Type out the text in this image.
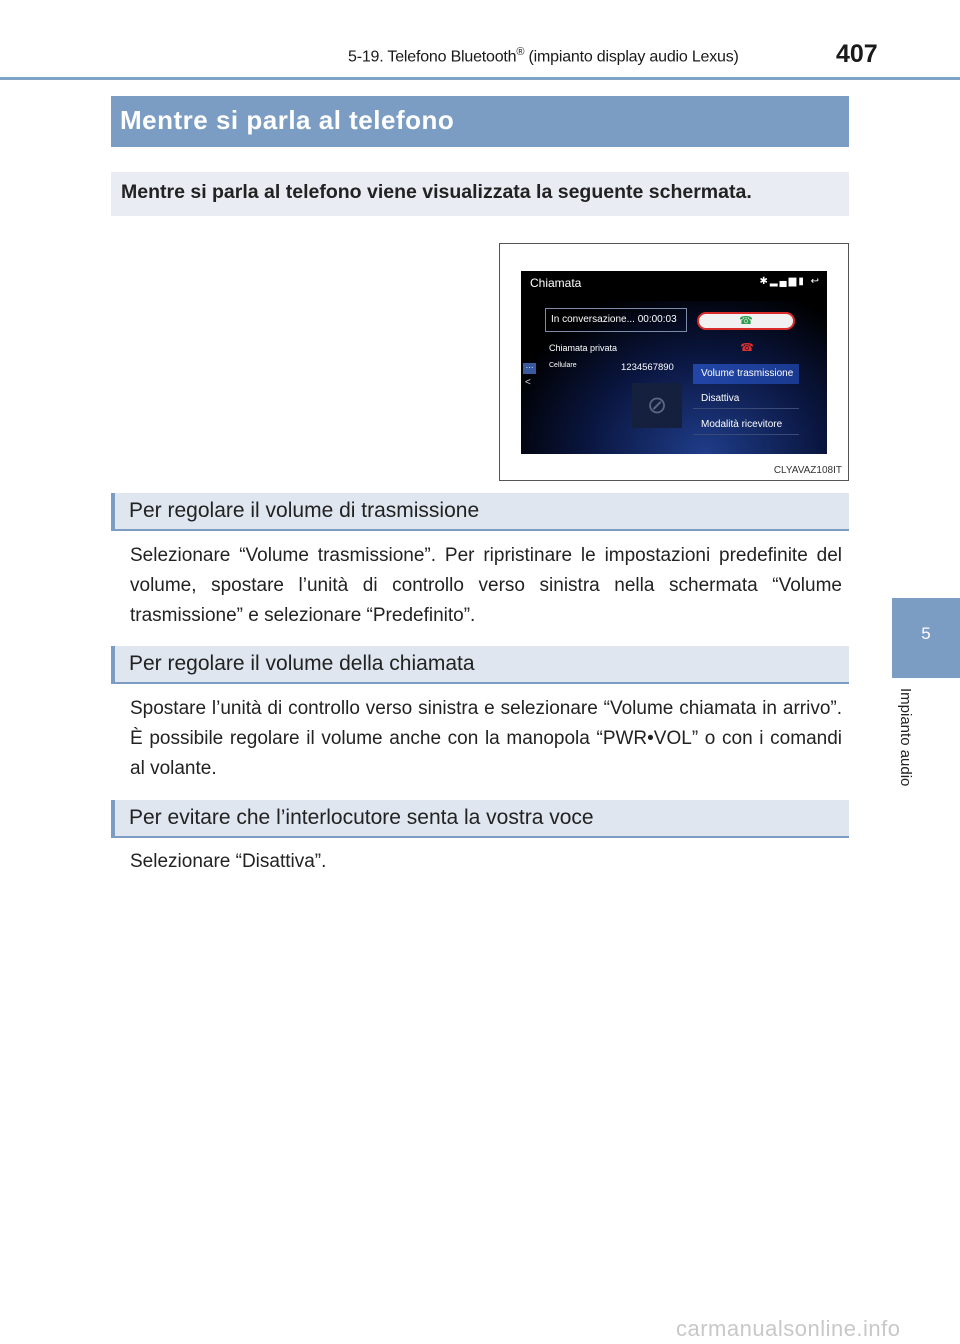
5-19. Telefono Bluetooth® (impianto display audio Lexus)	407
5
Impianto audio
Mentre si parla al telefono
Mentre si parla al telefono viene visualizzata la seguente schermata.
Chiamata	✱▂▄▆▮ ↩
In conversazione... 00:00:03
Chiamata privata
Cellulare	1234567890
···
<
⊘
☎
☎
Volume trasmissione
Disattiva
Modalità ricevitore
CLYAVAZ108IT
Per regolare il volume di trasmissione
Selezionare “Volume trasmissione”. Per ripristinare le impostazioni predefinite del volume, spostare l’unità di controllo verso sinistra nella schermata “Volume trasmissione” e selezionare “Predefinito”.
Per regolare il volume della chiamata
Spostare l’unità di controllo verso sinistra e selezionare “Volume chiamata in arrivo”. È possibile regolare il volume anche con la manopola “PWR•VOL” o con i comandi al volante.
Per evitare che l’interlocutore senta la vostra voce
Selezionare “Disattiva”.
carmanualsonline.info
